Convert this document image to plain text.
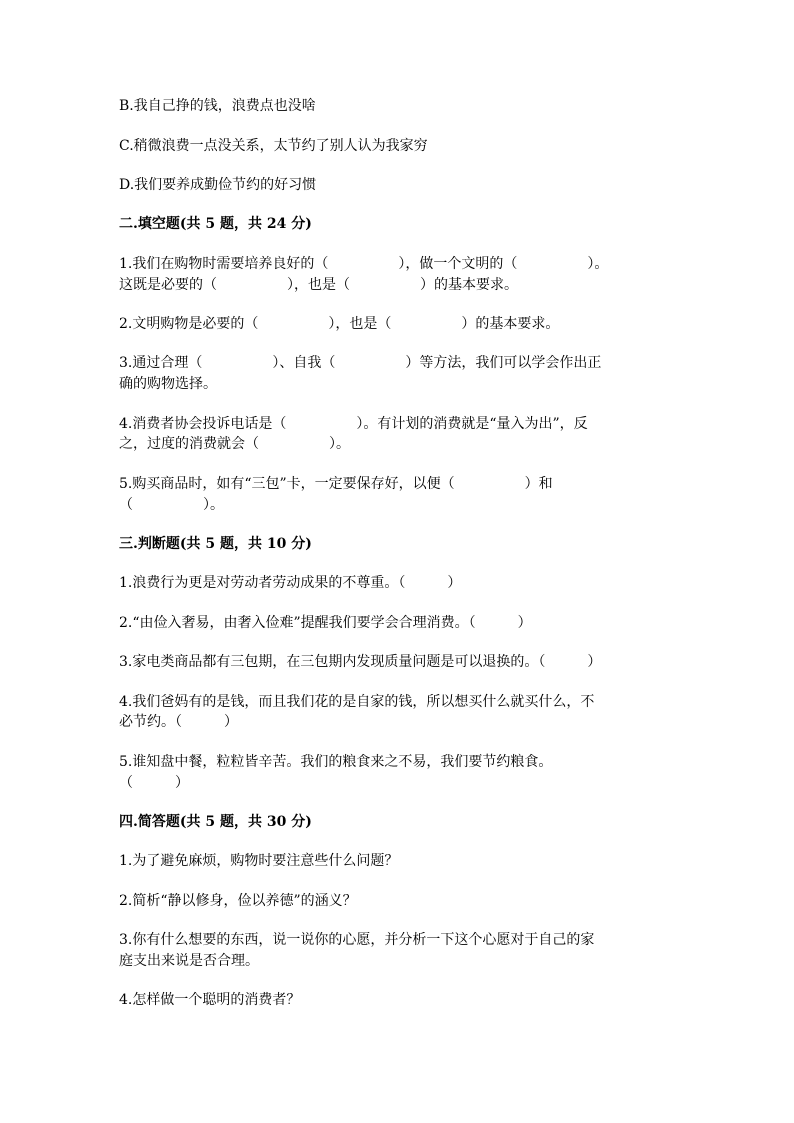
B.我自己挣的钱，浪费点也没啥

C.稍微浪费一点没关系，太节约了别人认为我家穷

D.我们要养成勤俭节约的好习惯

二.填空题(共 5 题，共 24 分)

1.我们在购物时需要培养良好的（　　　　　），做一个文明的（　　　　　）。

这既是必要的（　　　　　），也是（　　　　　）的基本要求。

2.文明购物是必要的（　　　　　），也是（　　　　　）的基本要求。

3.通过合理（　　　　　）、自我（　　　　　）等方法，我们可以学会作出正

确的购物选择。

4.消费者协会投诉电话是（　　　　　）。有计划的消费就是“量入为出”，反

之，过度的消费就会（　　　　　）。

5.购买商品时，如有“三包”卡，一定要保存好，以便（　　　　　）和

（　　　　　）。

三.判断题(共 5 题，共 10 分)

1.浪费行为更是对劳动者劳动成果的不尊重。（　　　）

2.“由俭入奢易，由奢入俭难”提醒我们要学会合理消费。（　　　）

3.家电类商品都有三包期，在三包期内发现质量问题是可以退换的。（　　　）

4.我们爸妈有的是钱，而且我们花的是自家的钱，所以想买什么就买什么，不

必节约。（　　　）

5.谁知盘中餐，粒粒皆辛苦。我们的粮食来之不易，我们要节约粮食。

（　　　）

四.简答题(共 5 题，共 30 分)

1.为了避免麻烦，购物时要注意些什么问题？

2.简析“静以修身，俭以养德”的涵义？

3.你有什么想要的东西，说一说你的心愿，并分析一下这个心愿对于自己的家

庭支出来说是否合理。

4.怎样做一个聪明的消费者？
